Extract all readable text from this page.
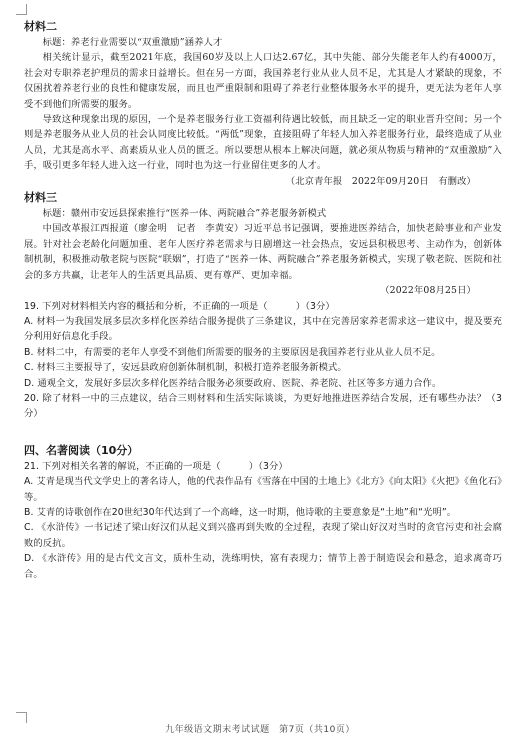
材料二

标题：养老行业需要以“双重激励”涵养人才

相关统计显示，截至2021年底，我国60岁及以上人口达2.67亿，其中失能、部分失能老年人约有4000万，社会对专职养老护理员的需求日益增长。但在另一方面，我国养老行业从业人员不足，尤其是人才紧缺的现象，不仅困扰着养老行业的良性和健康发展，而且也严重限制和阻碍了养老行业整体服务水平的提升，更无法为老年人享受不到他们所需要的服务。

导致这种现象出现的原因，一个是养老服务行业工资福利待遇比较低，而且缺乏一定的职业晋升空间；另一个则是养老服务从业人员的社会认同度比较低。“两低”现象，直接阻碍了年轻人加入养老服务行业，最终造成了从业人员，尤其是高水平、高素质从业人员的匮乏。所以要想从根本上解决问题，就必须从物质与精神的“双重激励”入手，吸引更多年轻人进入这一行业，同时也为这一行业留住更多的人才。

（北京青年报　2022年09月20日　有删改）

材料三

标题：赣州市安远县探索推行“医养一体、两院融合”养老服务新模式

中国改革报江西报道（廖金明　记者　李黄安）习近平总书记强调，要推进医养结合，加快老龄事业和产业发展。针对社会老龄化问题加重、老年人医疗养老需求与日剧增这一社会热点，安远县积极思考、主动作为，创新体制机制，积极推动敬老院与医院“联姻”，打造了“医养一体、两院融合”养老服务新模式，实现了敬老院、医院和社会的多方共赢，让老年人的生活更具品质、更有尊严、更加幸福。

（2022年08月25日）

19. 下列对材料相关内容的概括和分析，不正确的一项是（　　　）（3分）

A. 材料一为我国发展多层次多样化医养结合服务提供了三条建议，其中在完善居家养老需求这一建议中，提及要充分利用好信息化手段。

B. 材料二中，有需要的老年人享受不到他们所需要的服务的主要原因是我国养老行业从业人员不足。

C. 材料三主要报导了，安远县政府创新体制机制，积极打造养老服务新模式。

D. 通观全文，发展好多层次多样化医养结合服务必须要政府、医院、养老院、社区等多方通力合作。

20. 除了材料一中的三点建议，结合三则材料和生活实际谈谈，为更好地推进医养结合发展，还有哪些办法？（3分）

四、名著阅读（10分）

21. 下列对相关名著的解说，不正确的一项是（　　　）（3分）

A. 艾青是现当代文学史上的著名诗人，他的代表作品有《雪落在中国的土地上》《北方》《向太阳》《火把》《鱼化石》等。

B. 艾青的诗歌创作在20世纪30年代达到了一个高峰，这一时期，他诗歌的主要意象是“土地”和“光明”。

C. 《水浒传》一书记述了梁山好汉们从起义到兴盛再到失败的全过程，表现了梁山好汉对当时的贪官污吏和社会腐败的反抗。

D. 《水浒传》用的是古代文言文，质朴生动，洗练明快，富有表现力；情节上善于制造误会和悬念，追求离奇巧合。

九年级语文期末考试试题　第7页（共10页）
